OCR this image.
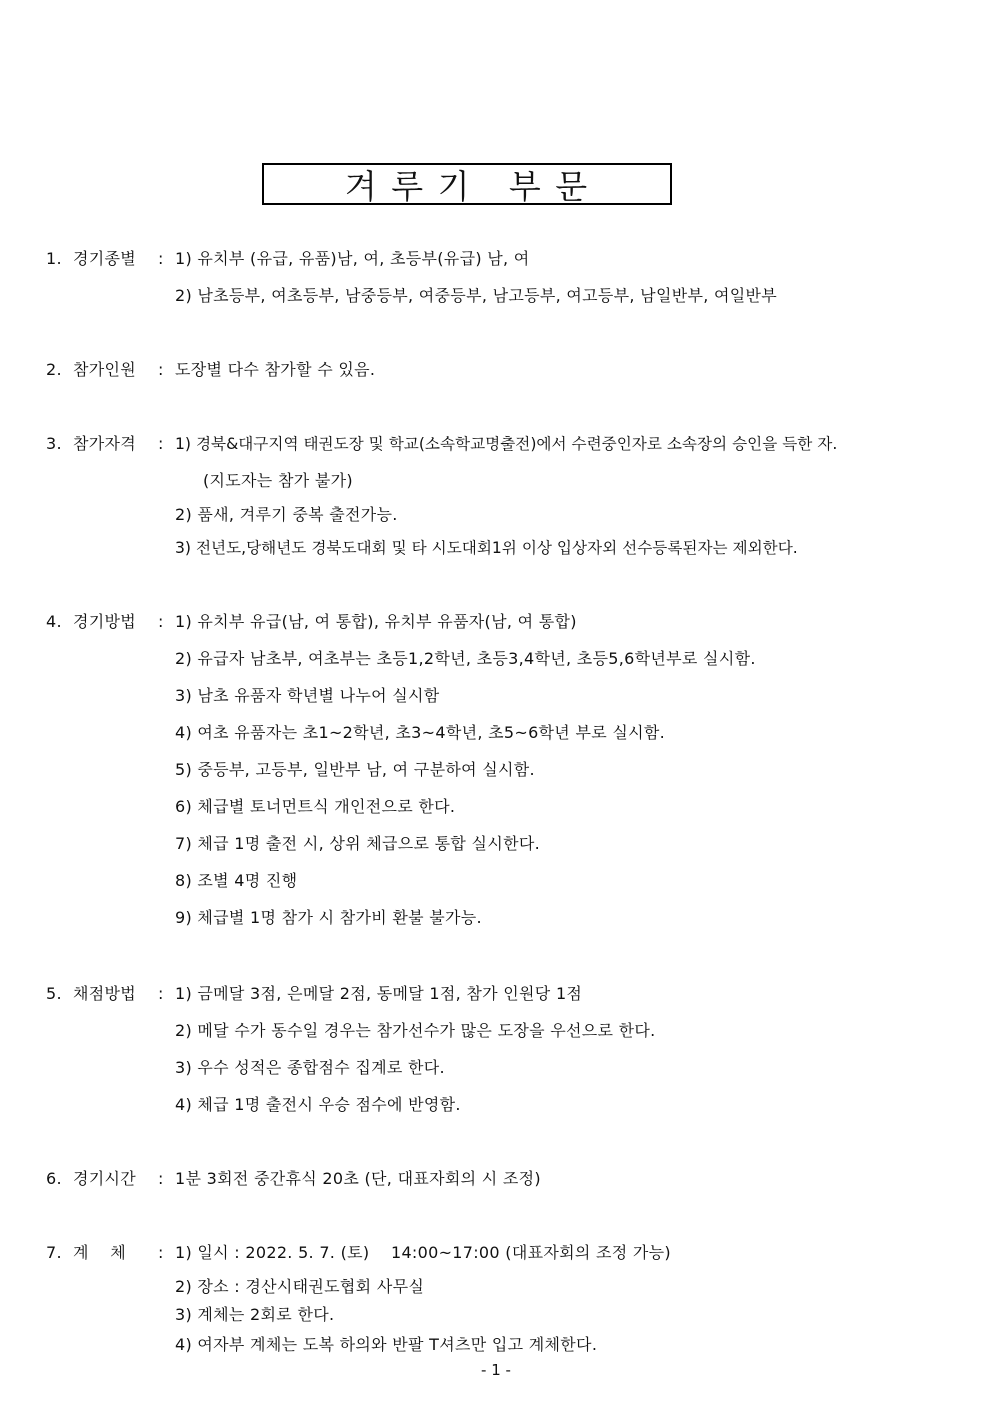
겨 루 기   부 문
1. 경기종별 : 1) 유치부 (유급, 유품)남, 여, 초등부(유급) 남, 여
2) 남초등부, 여초등부, 남중등부, 여중등부, 남고등부, 여고등부, 남일반부, 여일반부
2. 참가인원 : 도장별 다수 참가할 수 있음.
3. 참가자격 : 1) 경북&대구지역 태권도장 및 학교(소속학교명출전)에서 수련중인자로 소속장의 승인을 득한 자.
(지도자는 참가 불가)
2) 품새, 겨루기 중복 출전가능.
3) 전년도,당해년도 경북도대회 및 타 시도대회1위 이상 입상자외 선수등록된자는 제외한다.
4. 경기방법 : 1) 유치부 유급(남, 여 통합), 유치부 유품자(남, 여 통합)
2) 유급자 남초부, 여초부는 초등1,2학년, 초등3,4학년, 초등5,6학년부로 실시함.
3) 남초 유품자 학년별 나누어 실시함
4) 여초 유품자는 초1~2학년, 초3~4학년, 초5~6학년 부로 실시함.
5) 중등부, 고등부, 일반부 남, 여 구분하여 실시함.
6) 체급별 토너먼트식 개인전으로 한다.
7) 체급 1명 출전 시, 상위 체급으로 통합 실시한다.
8) 조별 4명 진행
9) 체급별 1명 참가 시 참가비 환불 불가능.
5. 채점방법 : 1) 금메달 3점, 은메달 2점, 동메달 1점, 참가 인원당 1점
2) 메달 수가 동수일 경우는 참가선수가 많은 도장을 우선으로 한다.
3) 우수 성적은 종합점수 집계로 한다.
4) 체급 1명 출전시 우승 점수에 반영함.
6. 경기시간 : 1분 3회전 중간휴식 20초 (단, 대표자회의 시 조정)
7. 계    체 : 1) 일시 : 2022. 5. 7. (토)    14:00~17:00 (대표자회의 조정 가능)
2) 장소 : 경산시태권도협회 사무실
3) 계체는 2회로 한다.
4) 여자부 계체는 도복 하의와 반팔 T셔츠만 입고 계체한다.
- 1 -
